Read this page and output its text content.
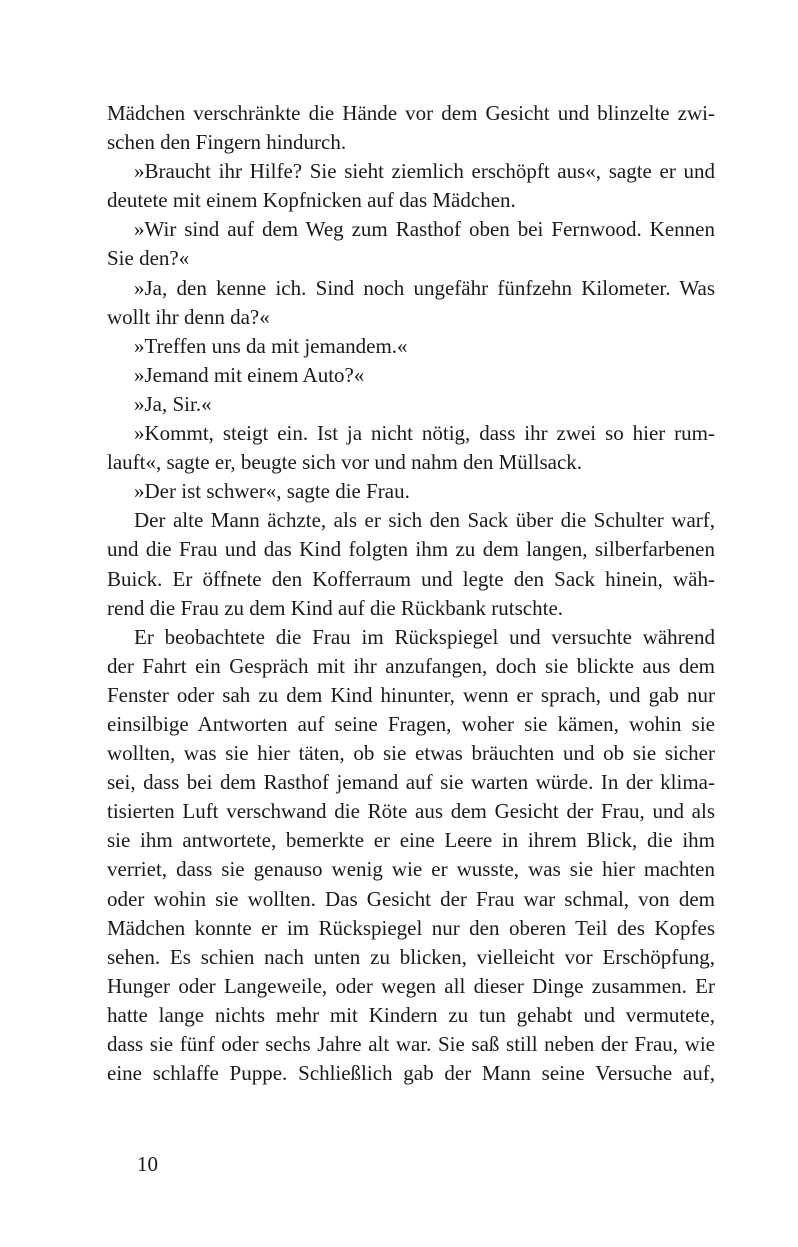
Mädchen verschränkte die Hände vor dem Gesicht und blinzelte zwi-
schen den Fingern hindurch.
»Braucht ihr Hilfe? Sie sieht ziemlich erschöpft aus«, sagte er und
deutete mit einem Kopfnicken auf das Mädchen.
»Wir sind auf dem Weg zum Rasthof oben bei Fernwood. Kennen
Sie den?«
»Ja, den kenne ich. Sind noch ungefähr fünfzehn Kilometer. Was
wollt ihr denn da?«
»Treffen uns da mit jemandem.«
»Jemand mit einem Auto?«
»Ja, Sir.«
»Kommt, steigt ein. Ist ja nicht nötig, dass ihr zwei so hier rum-
lauft«, sagte er, beugte sich vor und nahm den Müllsack.
»Der ist schwer«, sagte die Frau.
Der alte Mann ächzte, als er sich den Sack über die Schulter warf,
und die Frau und das Kind folgten ihm zu dem langen, silberfarbenen
Buick. Er öffnete den Kofferraum und legte den Sack hinein, wäh-
rend die Frau zu dem Kind auf die Rückbank rutschte.
Er beobachtete die Frau im Rückspiegel und versuchte während
der Fahrt ein Gespräch mit ihr anzufangen, doch sie blickte aus dem
Fenster oder sah zu dem Kind hinunter, wenn er sprach, und gab nur
einsilbige Antworten auf seine Fragen, woher sie kämen, wohin sie
wollten, was sie hier täten, ob sie etwas bräuchten und ob sie sicher
sei, dass bei dem Rasthof jemand auf sie warten würde. In der klima-
tisierten Luft verschwand die Röte aus dem Gesicht der Frau, und als
sie ihm antwortete, bemerkte er eine Leere in ihrem Blick, die ihm
verriet, dass sie genauso wenig wie er wusste, was sie hier machten
oder wohin sie wollten. Das Gesicht der Frau war schmal, von dem
Mädchen konnte er im Rückspiegel nur den oberen Teil des Kopfes
sehen. Es schien nach unten zu blicken, vielleicht vor Erschöpfung,
Hunger oder Langeweile, oder wegen all dieser Dinge zusammen. Er
hatte lange nichts mehr mit Kindern zu tun gehabt und vermutete,
dass sie fünf oder sechs Jahre alt war. Sie saß still neben der Frau, wie
eine schlaffe Puppe. Schließlich gab der Mann seine Versuche auf,
10
